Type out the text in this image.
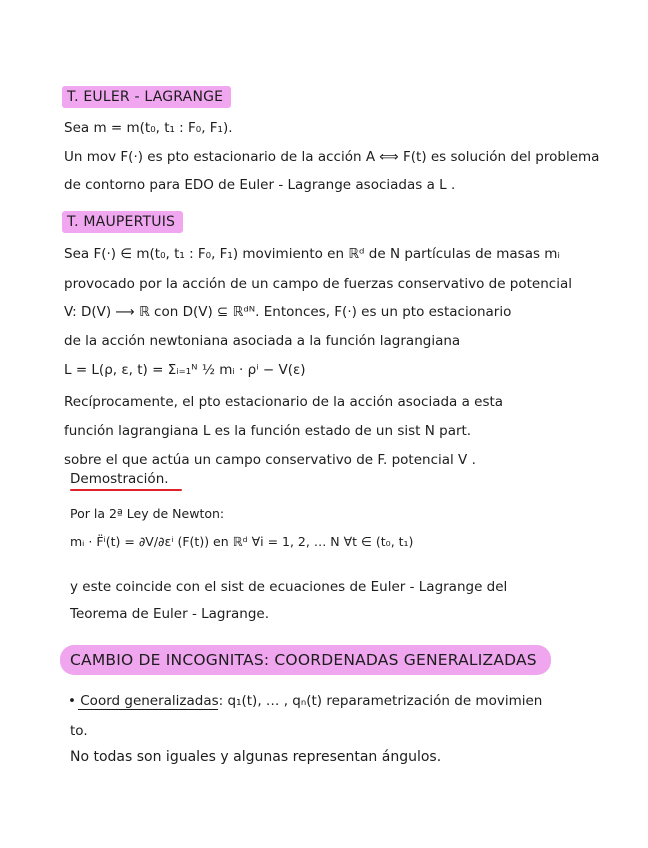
T. EULER - LAGRANGE
Sea m = m(t₀, t₁ : F₀, F₁).
Un mov F(·) es pto estacionario de la acción A ⟺ F(t) es solución del problema
de contorno para EDO de Euler - Lagrange asociadas a L .
T. MAUPERTUIS
Sea F(·) ∈ m(t₀, t₁ : F₀, F₁) movimiento en ℝᵈ de N partículas de masas mᵢ
provocado por la acción de un campo de fuerzas conservativo de potencial
V: D(V) ⟶ ℝ con D(V) ⊆ ℝᵈᴺ. Entonces, F(·) es un pto estacionario
de la acción newtoniana asociada a la función lagrangiana
L = L(ρ, ε, t) = Σᵢ₌₁ᴺ ½ mᵢ · ρⁱ − V(ε)
Recíprocamente, el pto estacionario de la acción asociada a esta
función lagrangiana L es la función estado de un sist N part.
sobre el que actúa un campo conservativo de F. potencial V .
Demostración.
Por la 2ª Ley de Newton:
mᵢ · F̈ⁱ(t) = ∂V/∂εⁱ (F(t)) en ℝᵈ ∀i = 1, 2, … N ∀t ∈ (t₀, t₁)
y este coincide con el sist de ecuaciones de Euler - Lagrange del
Teorema de Euler - Lagrange.
CAMBIO DE INCOGNITAS: COORDENADAS GENERALIZADAS
• Coord generalizadas: q₁(t), … , qₙ(t) reparametrización de movimien
to.
No todas son iguales y algunas representan ángulos.
